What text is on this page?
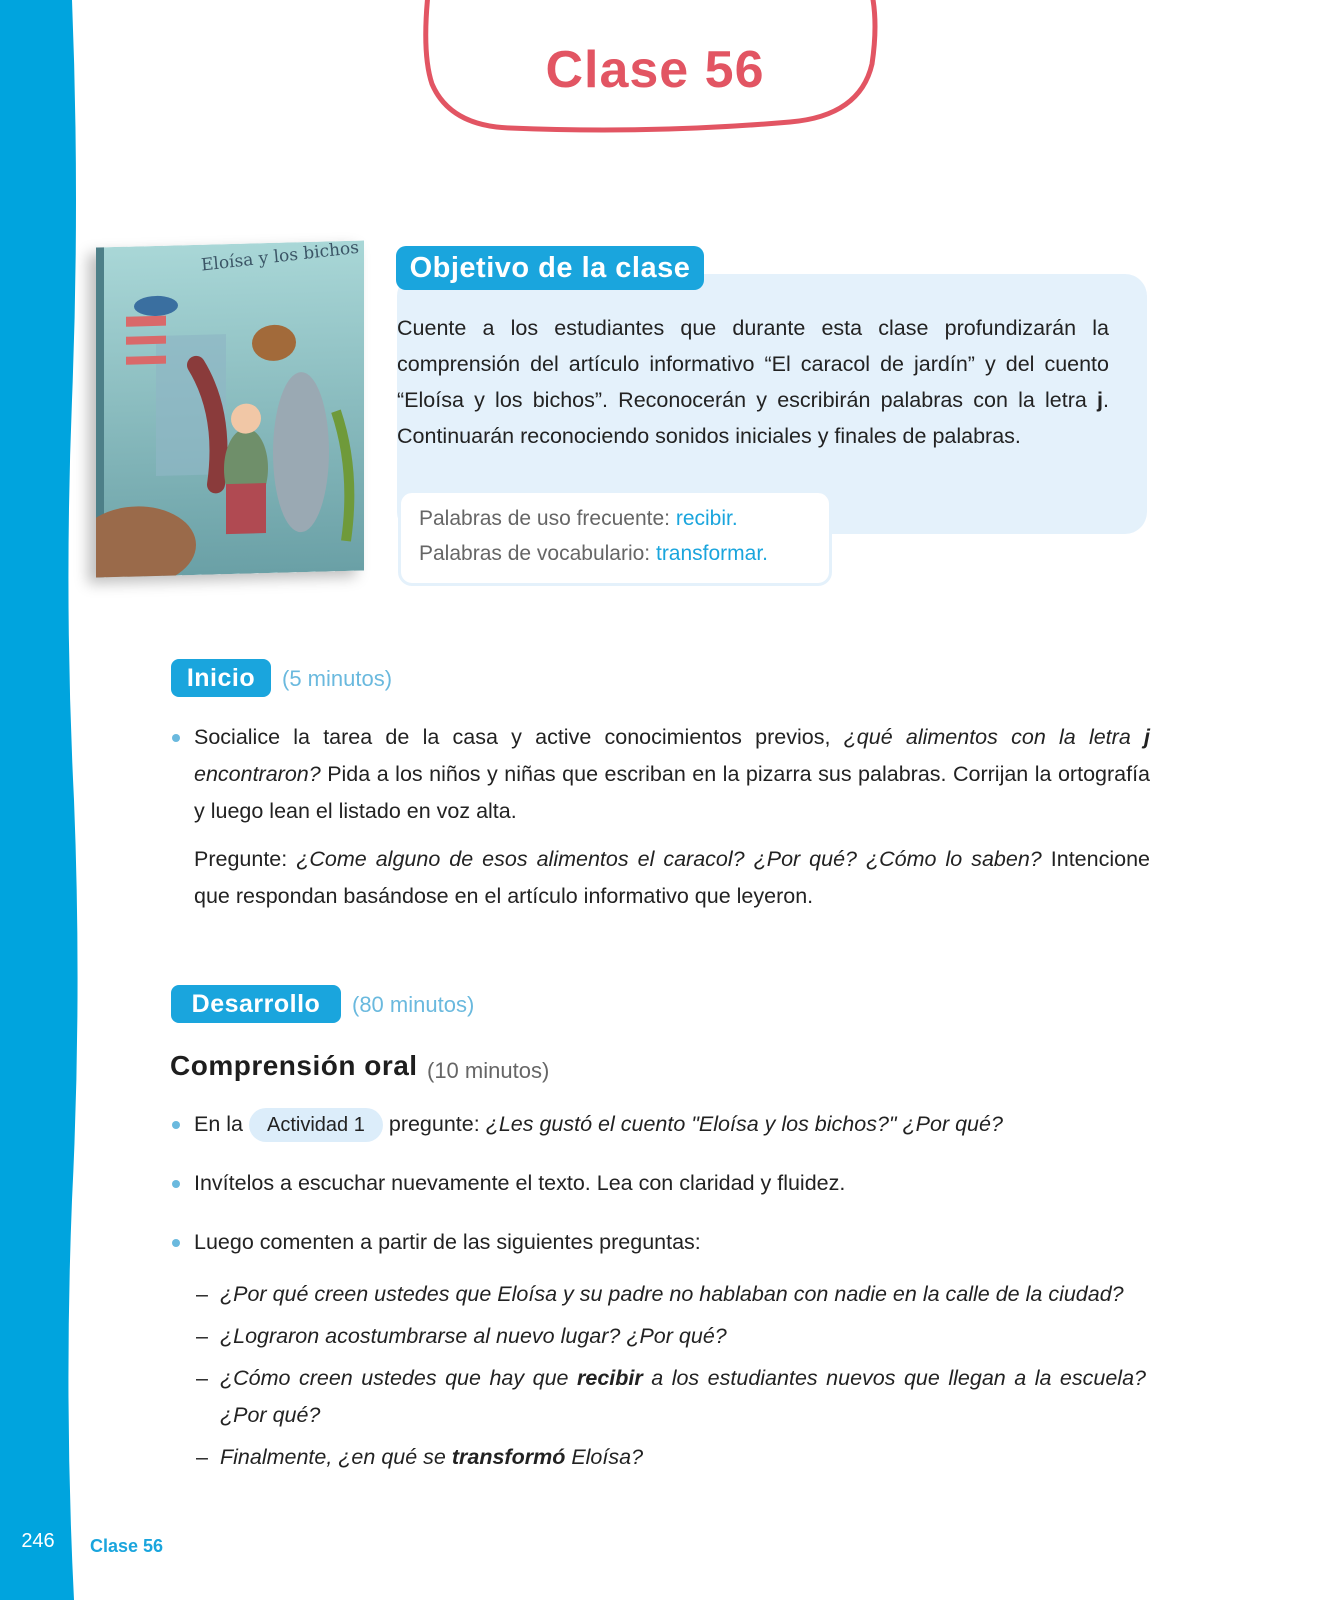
Clase 56
Eloísa y los bichos	Objetivo de la clase
Cuente a los estudiantes que durante esta clase profundizarán la comprensión del artículo informativo “El caracol de jardín” y del cuento “Eloísa y los bichos”. Reconocerán y escribirán palabras con la letra j. Continuarán reconociendo sonidos iniciales y finales de palabras.
Palabras de uso frecuente: recibir.
Palabras de vocabulario: transformar.
Inicio	(5 minutos)
Socialice la tarea de la casa y active conocimientos previos, ¿qué alimentos con la letra j encontraron? Pida a los niños y niñas que escriban en la pizarra sus palabras. Corrijan la ortografía y luego lean el listado en voz alta.
Pregunte: ¿Come alguno de esos alimentos el caracol? ¿Por qué? ¿Cómo lo saben? Intencione que respondan basándose en el artículo informativo que leyeron.
Desarrollo	(80 minutos)
Comprensión oral (10 minutos)
En la Actividad 1 pregunte: ¿Les gustó el cuento "Eloísa y los bichos?" ¿Por qué?
Invítelos a escuchar nuevamente el texto. Lea con claridad y fluidez.
Luego comenten a partir de las siguientes preguntas:
– ¿Por qué creen ustedes que Eloísa y su padre no hablaban con nadie en la calle de la ciudad?
– ¿Lograron acostumbrarse al nuevo lugar? ¿Por qué?
– ¿Cómo creen ustedes que hay que recibir a los estudiantes nuevos que llegan a la escuela? ¿Por qué?
– Finalmente, ¿en qué se transformó Eloísa?
246 Clase 56
